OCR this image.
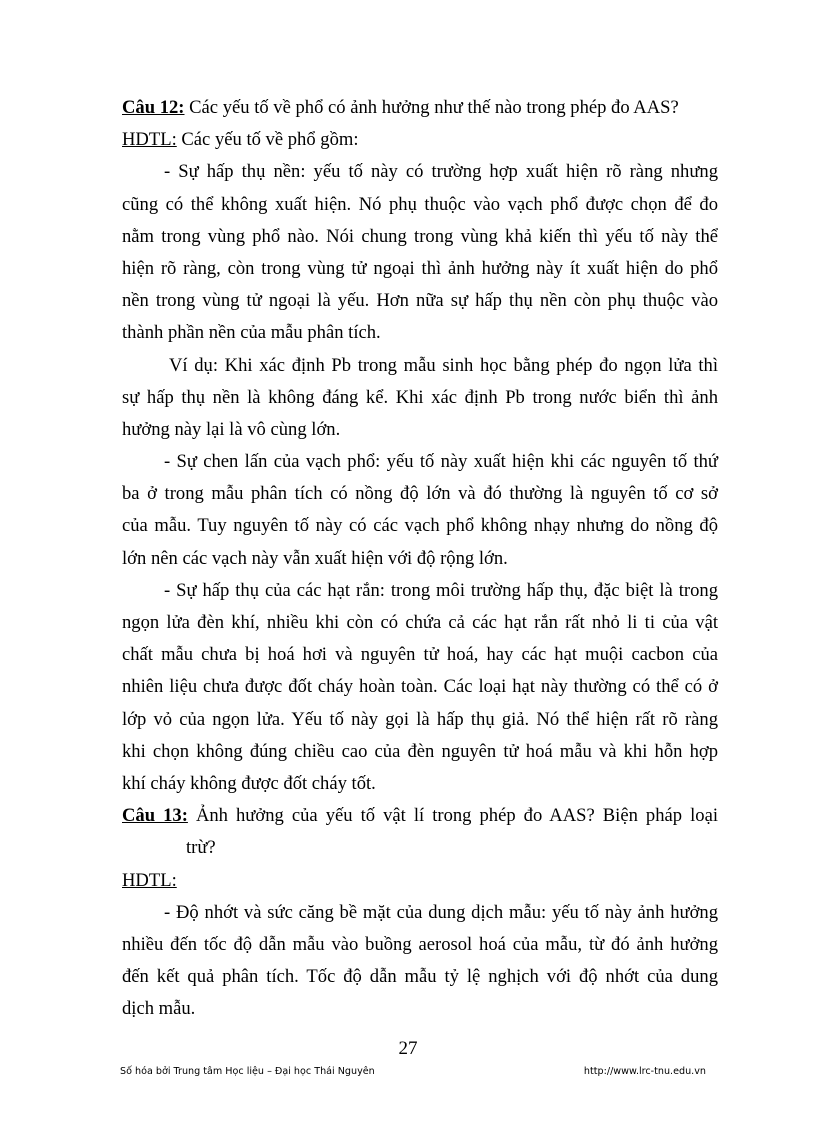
Câu 12: Các yếu tố về phổ có ảnh hưởng như thế nào trong phép đo AAS?
HDTL: Các yếu tố về phổ gồm:
- Sự hấp thụ nền: yếu tố này có trường hợp xuất hiện rõ ràng nhưng
cũng có thể không xuất hiện. Nó phụ thuộc vào vạch phổ được chọn để đo
nằm trong vùng phổ nào. Nói chung trong vùng khả kiến thì yếu tố này thể
hiện rõ ràng, còn trong vùng tử ngoại thì ảnh hưởng này ít xuất hiện do phổ
nền trong vùng tử ngoại là yếu. Hơn nữa sự hấp thụ nền còn phụ thuộc vào
thành phần nền của mẫu phân tích.
Ví dụ: Khi xác định Pb trong mẫu sinh học bằng phép đo ngọn lửa thì
sự hấp thụ nền là không đáng kể. Khi xác định Pb trong nước biển thì ảnh
hưởng này lại là vô cùng lớn.
- Sự chen lấn của vạch phổ: yếu tố này xuất hiện khi các nguyên tố thứ
ba ở trong mẫu phân tích có nồng độ lớn và đó thường là nguyên tố cơ sở
của mẫu. Tuy nguyên tố này có các vạch phổ không nhạy nhưng do nồng độ
lớn nên các vạch này vẫn xuất hiện với độ rộng lớn.
- Sự hấp thụ của các hạt rắn: trong môi trường hấp thụ, đặc biệt là trong
ngọn lửa đèn khí, nhiều khi còn có chứa cả các hạt rắn rất nhỏ li ti của vật
chất mẫu chưa bị hoá hơi và nguyên tử hoá, hay các hạt muội cacbon của
nhiên liệu chưa được đốt cháy hoàn toàn. Các loại hạt này thường có thể có ở
lớp vỏ của ngọn lửa. Yếu tố này gọi là hấp thụ giả. Nó thể hiện rất rõ ràng
khi chọn không đúng chiều cao của đèn nguyên tử hoá mẫu và khi hỗn hợp
khí cháy không được đốt cháy tốt.
Câu 13: Ảnh hưởng của yếu tố vật lí trong phép đo AAS? Biện pháp loại
trừ?
HDTL:
- Độ nhớt và sức căng bề mặt của dung dịch mẫu: yếu tố này ảnh hưởng
nhiều đến tốc độ dẫn mẫu vào buồng aerosol hoá của mẫu, từ đó ảnh hưởng
đến kết quả phân tích. Tốc độ dẫn mẫu tỷ lệ nghịch với độ nhớt của dung
dịch mẫu.
27
Số hóa bởi Trung tâm Học liệu – Đại học Thái Nguyên	http://www.lrc-tnu.edu.vn
